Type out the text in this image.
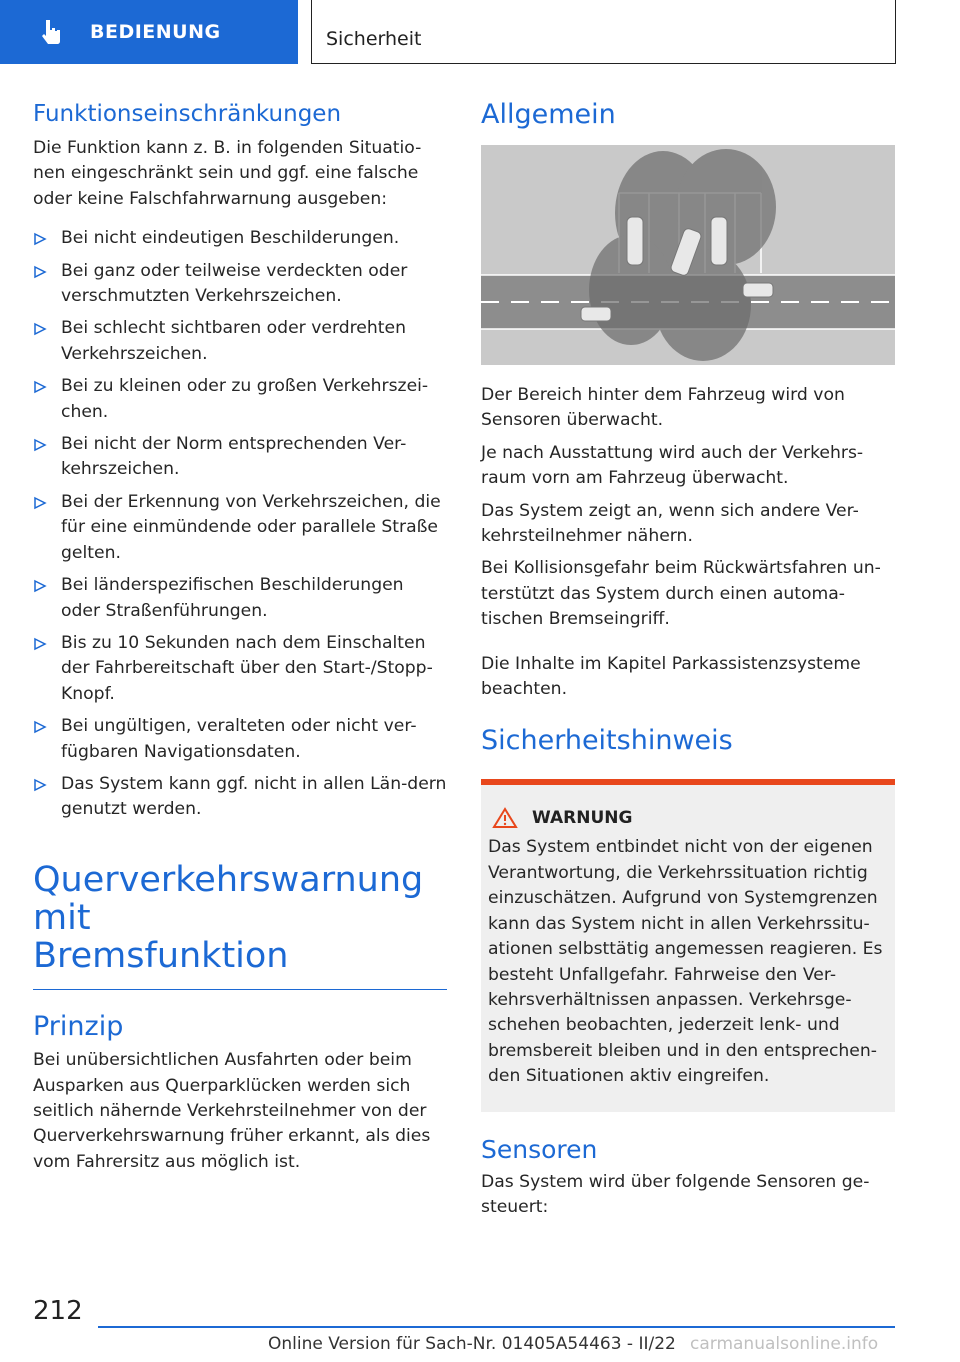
BEDIENUNG	Sicherheit
Funktionseinschränkungen

Die Funktion kann z. B. in folgenden Situatio-nen eingeschränkt sein und ggf. eine falsche oder keine Falschfahrwarnung ausgeben:

Bei nicht eindeutigen Beschilderungen.
Bei ganz oder teilweise verdeckten oder verschmutzten Verkehrszeichen.
Bei schlecht sichtbaren oder verdrehten Verkehrszeichen.
Bei zu kleinen oder zu großen Verkehrszei-chen.
Bei nicht der Norm entsprechenden Ver-kehrszeichen.
Bei der Erkennung von Verkehrszeichen, die für eine einmündende oder parallele Straße gelten.
Bei länderspezifischen Beschilderungen oder Straßenführungen.
Bis zu 10 Sekunden nach dem Einschalten der Fahrbereitschaft über den Start-/Stopp-Knopf.
Bei ungültigen, veralteten oder nicht ver-fügbaren Navigationsdaten.
Das System kann ggf. nicht in allen Län-dern genutzt werden.
Querverkehrswarnung mit
Bremsfunktion
Prinzip

Bei unübersichtlichen Ausfahrten oder beim Ausparken aus Querparklücken werden sich seitlich nähernde Verkehrsteilnehmer von der Querverkehrswarnung früher erkannt, als dies vom Fahrersitz aus möglich ist.

Allgemein

Der Bereich hinter dem Fahrzeug wird von Sensoren überwacht.

Je nach Ausstattung wird auch der Verkehrs-raum vorn am Fahrzeug überwacht.

Das System zeigt an, wenn sich andere Ver-kehrsteilnehmer nähern.

Bei Kollisionsgefahr beim Rückwärtsfahren un-terstützt das System durch einen automa-tischen Bremseingriff.

Die Inhalte im Kapitel Parkassistenzsysteme beachten.

Sicherheitshinweis
WARNUNG

Das System entbindet nicht von der eigenen Verantwortung, die Verkehrssituation richtig einzuschätzen. Aufgrund von Systemgrenzen kann das System nicht in allen Verkehrssitu-ationen selbsttätig angemessen reagieren. Es besteht Unfallgefahr. Fahrweise den Ver-kehrsverhältnissen anpassen. Verkehrsge-schehen beobachten, jederzeit lenk- und bremsbereit bleiben und in den entsprechen-den Situationen aktiv eingreifen.

Sensoren

Das System wird über folgende Sensoren ge-steuert:

212
Online Version für Sach-Nr. 01405A54463 - II/22 carmanualsonline.info
